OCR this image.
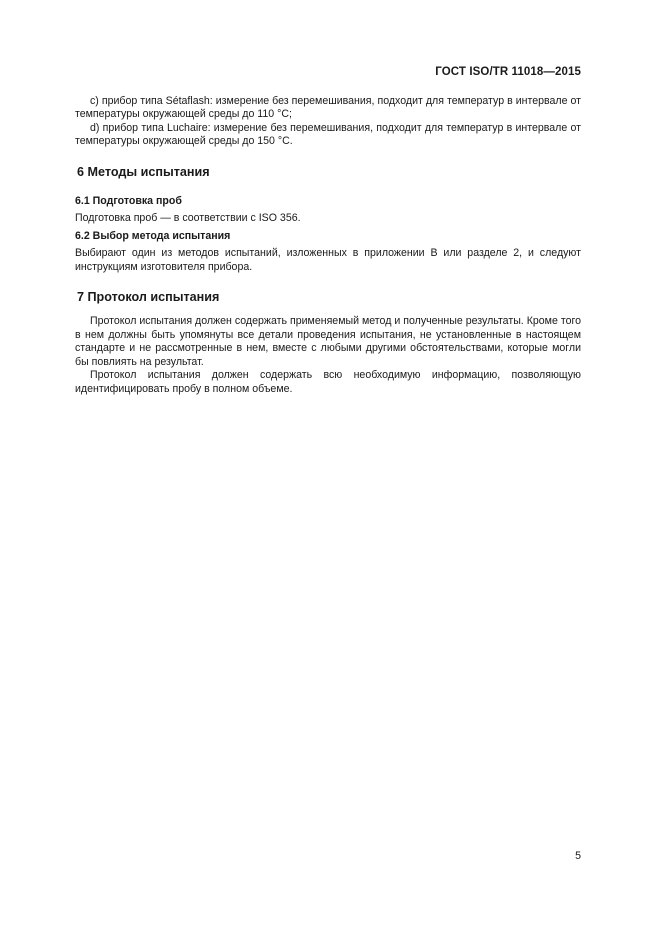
ГОСТ ISO/TR 11018—2015

c) прибор типа Sétaflash: измерение без перемешивания, подходит для температур в интервале от температуры окружающей среды до 110 °С;

d) прибор типа Luchaire: измерение без перемешивания, подходит для температур в интервале от температуры окружающей среды до 150 °С.

6 Методы испытания
6.1 Подготовка проб

Подготовка проб — в соответствии с ISO 356.

6.2 Выбор метода испытания

Выбирают один из методов испытаний, изложенных в приложении В или разделе 2, и следуют инструкциям изготовителя прибора.

7 Протокол испытания

Протокол испытания должен содержать применяемый метод и полученные результаты. Кроме того в нем должны быть упомянуты все детали проведения испытания, не установленные в настоящем стандарте и не рассмотренные в нем, вместе с любыми другими обстоятельствами, которые могли бы повлиять на результат.

Протокол испытания должен содержать всю необходимую информацию, позволяющую идентифицировать пробу в полном объеме.

5
